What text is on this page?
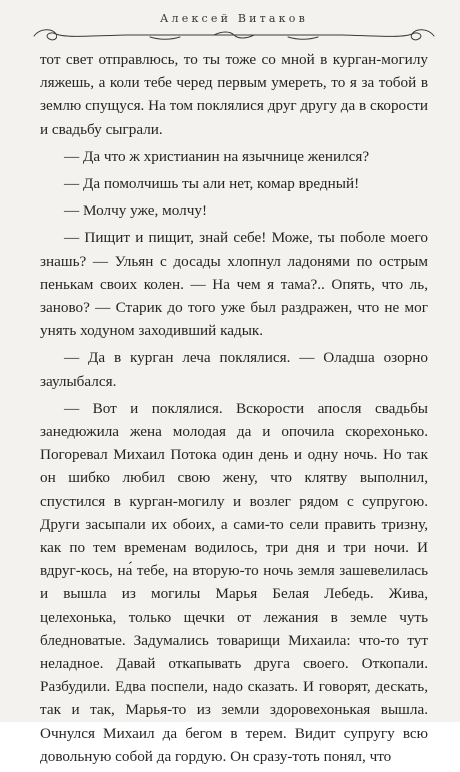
Алексей Витаков

тот свет отправлюсь, то ты тоже со мной в курган-могилу ляжешь, а коли тебе черед первым умереть, то я за тобой в землю спущуся. На том поклялися друг другу да в скорости и свадьбу сыграли.

— Да что ж христианин на язычнице женился?

— Да помолчишь ты али нет, комар вредный!

— Молчу уже, молчу!

— Пищит и пищит, знай себе! Може, ты поболе моего знашь? — Ульян с досады хлопнул ладонями по острым пенькам своих колен. — На чем я тама?.. Опять, что ль, заново? — Старик до того уже был раздражен, что не мог унять ходуном заходивший кадык.

— Да в курган леча поклялися. — Оладша озорно заулыбался.

— Вот и поклялися. Вскорости апосля свадьбы занедюжила жена молодая да и опочила скорехонько. Погоревал Михаил Потока один день и одну ночь. Но так он шибко любил свою жену, что клятву выполнил, спустился в курган-могилу и возлег рядом с супругою. Други засыпали их обоих, а сами-то сели править тризну, как по тем временам водилось, три дня и три ночи. И вдруг-кось, на́ тебе, на вторую-то ночь земля зашевелилась и вышла из могилы Марья Белая Лебедь. Жива, целехонька, только щечки от лежания в земле чуть бледноватые. Задумались товарищи Михаила: что-то тут неладное. Давай откапывать друга своего. Откопали. Разбудили. Едва поспели, надо сказать. И говорят, дескать, так и так, Марья-то из земли здоровехонькая вышла. Очнулся Михаил да бегом в терем. Видит супругу всю довольную собой да гордую. Он сразу-тоть понял, что
